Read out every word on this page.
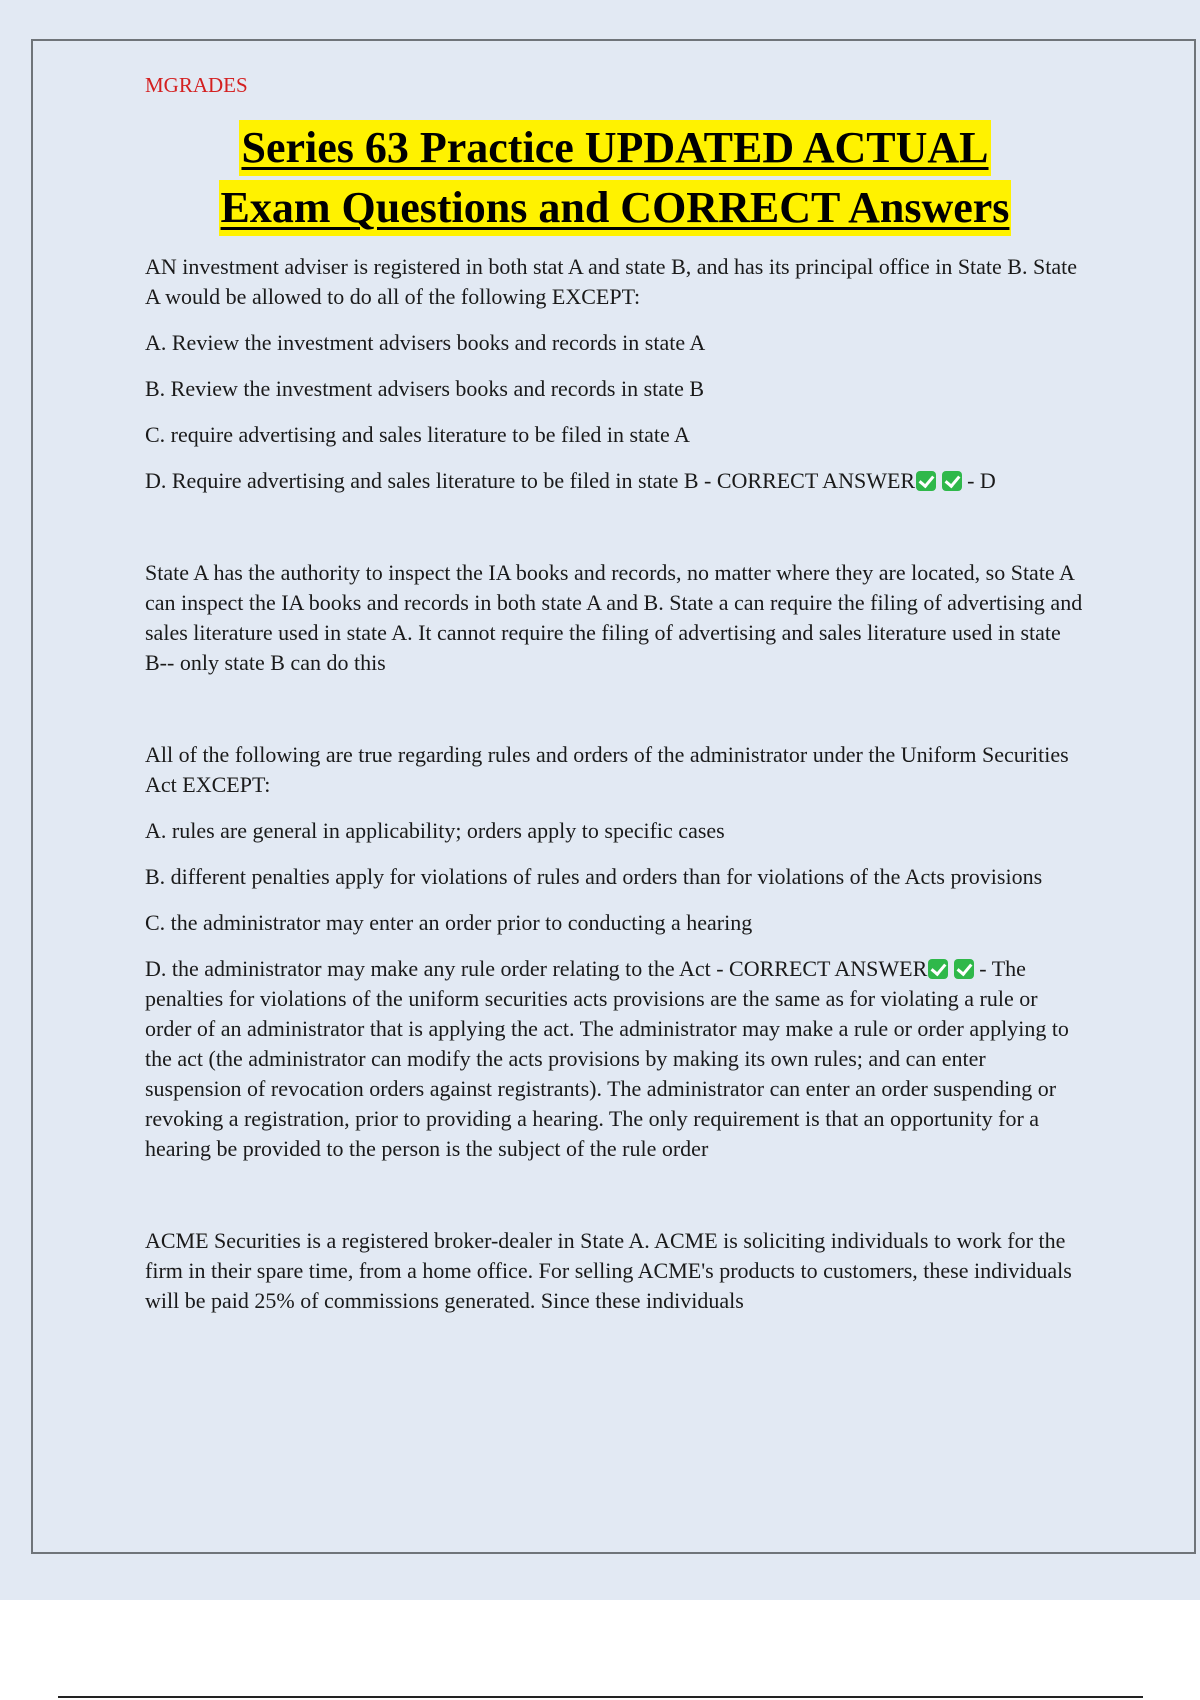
MGRADES
Series 63 Practice UPDATED ACTUAL
Exam Questions and CORRECT Answers

AN investment adviser is registered in both stat A and state B, and has its principal office in State B. State A would be allowed to do all of the following EXCEPT:

A. Review the investment advisers books and records in state A

B. Review the investment advisers books and records in state B

C. require advertising and sales literature to be filed in state A

D. Require advertising and sales literature to be filed in state B - CORRECT ANSWER - D

State A has the authority to inspect the IA books and records, no matter where they are located, so State A can inspect the IA books and records in both state A and B. State a can require the filing of advertising and sales literature used in state A. It cannot require the filing of advertising and sales literature used in state B-- only state B can do this

All of the following are true regarding rules and orders of the administrator under the Uniform Securities Act EXCEPT:

A. rules are general in applicability; orders apply to specific cases

B. different penalties apply for violations of rules and orders than for violations of the Acts provisions

C. the administrator may enter an order prior to conducting a hearing

D. the administrator may make any rule order relating to the Act - CORRECT ANSWER - The penalties for violations of the uniform securities acts provisions are the same as for violating a rule or order of an administrator that is applying the act. The administrator may make a rule or order applying to the act (the administrator can modify the acts provisions by making its own rules; and can enter suspension of revocation orders against registrants). The administrator can enter an order suspending or revoking a registration, prior to providing a hearing. The only requirement is that an opportunity for a hearing be provided to the person is the subject of the rule order

ACME Securities is a registered broker-dealer in State A. ACME is soliciting individuals to work for the firm in their spare time, from a home office. For selling ACME's products to customers, these individuals will be paid 25% of commissions generated. Since these individuals
